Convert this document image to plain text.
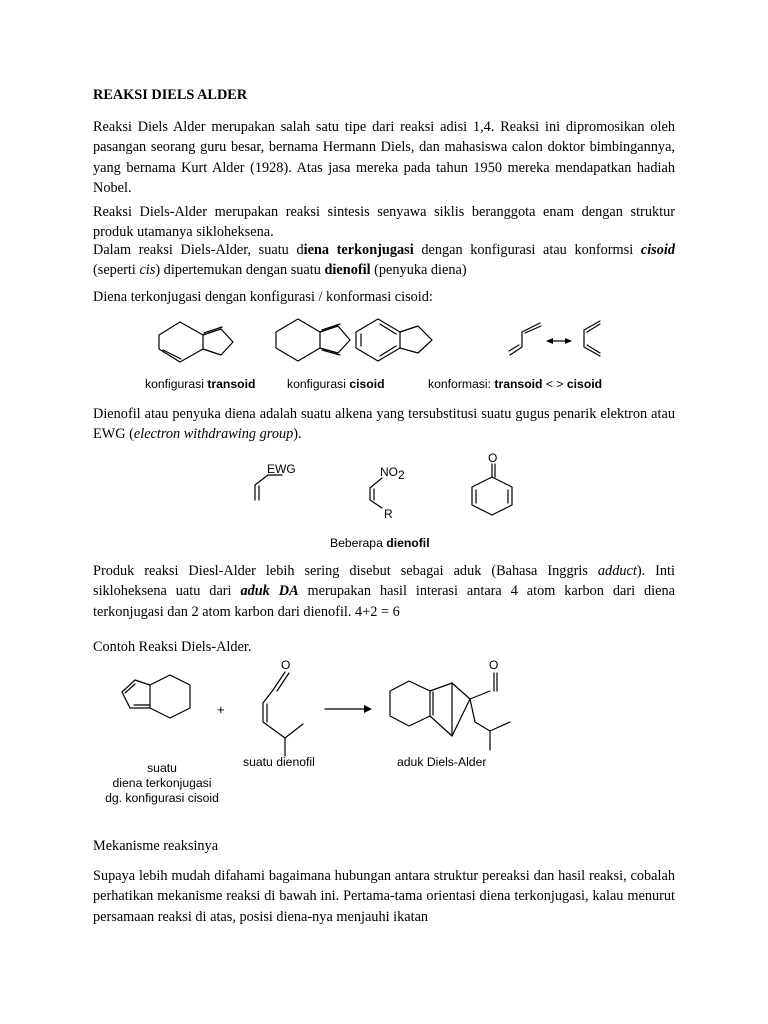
REAKSI DIELS ALDER
Reaksi Diels Alder merupakan salah satu tipe dari reaksi adisi 1,4. Reaksi ini dipromosikan oleh pasangan seorang guru besar, bernama Hermann Diels, dan mahasiswa calon doktor bimbingannya, yang bernama Kurt Alder (1928). Atas jasa mereka pada tahun 1950 mereka mendapatkan hadiah Nobel.
Reaksi Diels-Alder merupakan reaksi sintesis senyawa siklis beranggota enam dengan struktur produk utamanya sikloheksena.
Dalam reaksi Diels-Alder, suatu diena terkonjugasi dengan konfigurasi atau konformsi cisoid (seperti cis) dipertemukan dengan suatu dienofil (penyuka diena)
Diena terkonjugasi dengan konfigurasi / konformasi cisoid:
konfigurasi transoid	konfigurasi cisoid	konformasi: transoid < > cisoid
Dienofil atau penyuka diena adalah suatu alkena yang tersubstitusi suatu gugus penarik elektron atau EWG (electron withdrawing group).
EWG	NO2
R
O
Beberapa dienofil
Produk reaksi Diesl-Alder lebih sering disebut sebagai aduk (Bahasa Inggris adduct). Inti sikloheksena uatu dari aduk DA merupakan hasil interasi antara 4 atom karbon dari diena terkonjugasi dan 2 atom karbon dari dienofil. 4+2 = 6
Contoh Reaksi Diels-Alder.
+
O	O
suatu
diena terkonjugasi
dg. konfigurasi cisoid
suatu dienofil	aduk Diels-Alder
Mekanisme reaksinya
Supaya lebih mudah difahami bagaimana hubungan antara struktur pereaksi dan hasil reaksi, cobalah perhatikan mekanisme reaksi di bawah ini. Pertama-tama orientasi diena terkonjugasi, kalau menurut persamaan reaksi di atas, posisi diena-nya menjauhi ikatan
